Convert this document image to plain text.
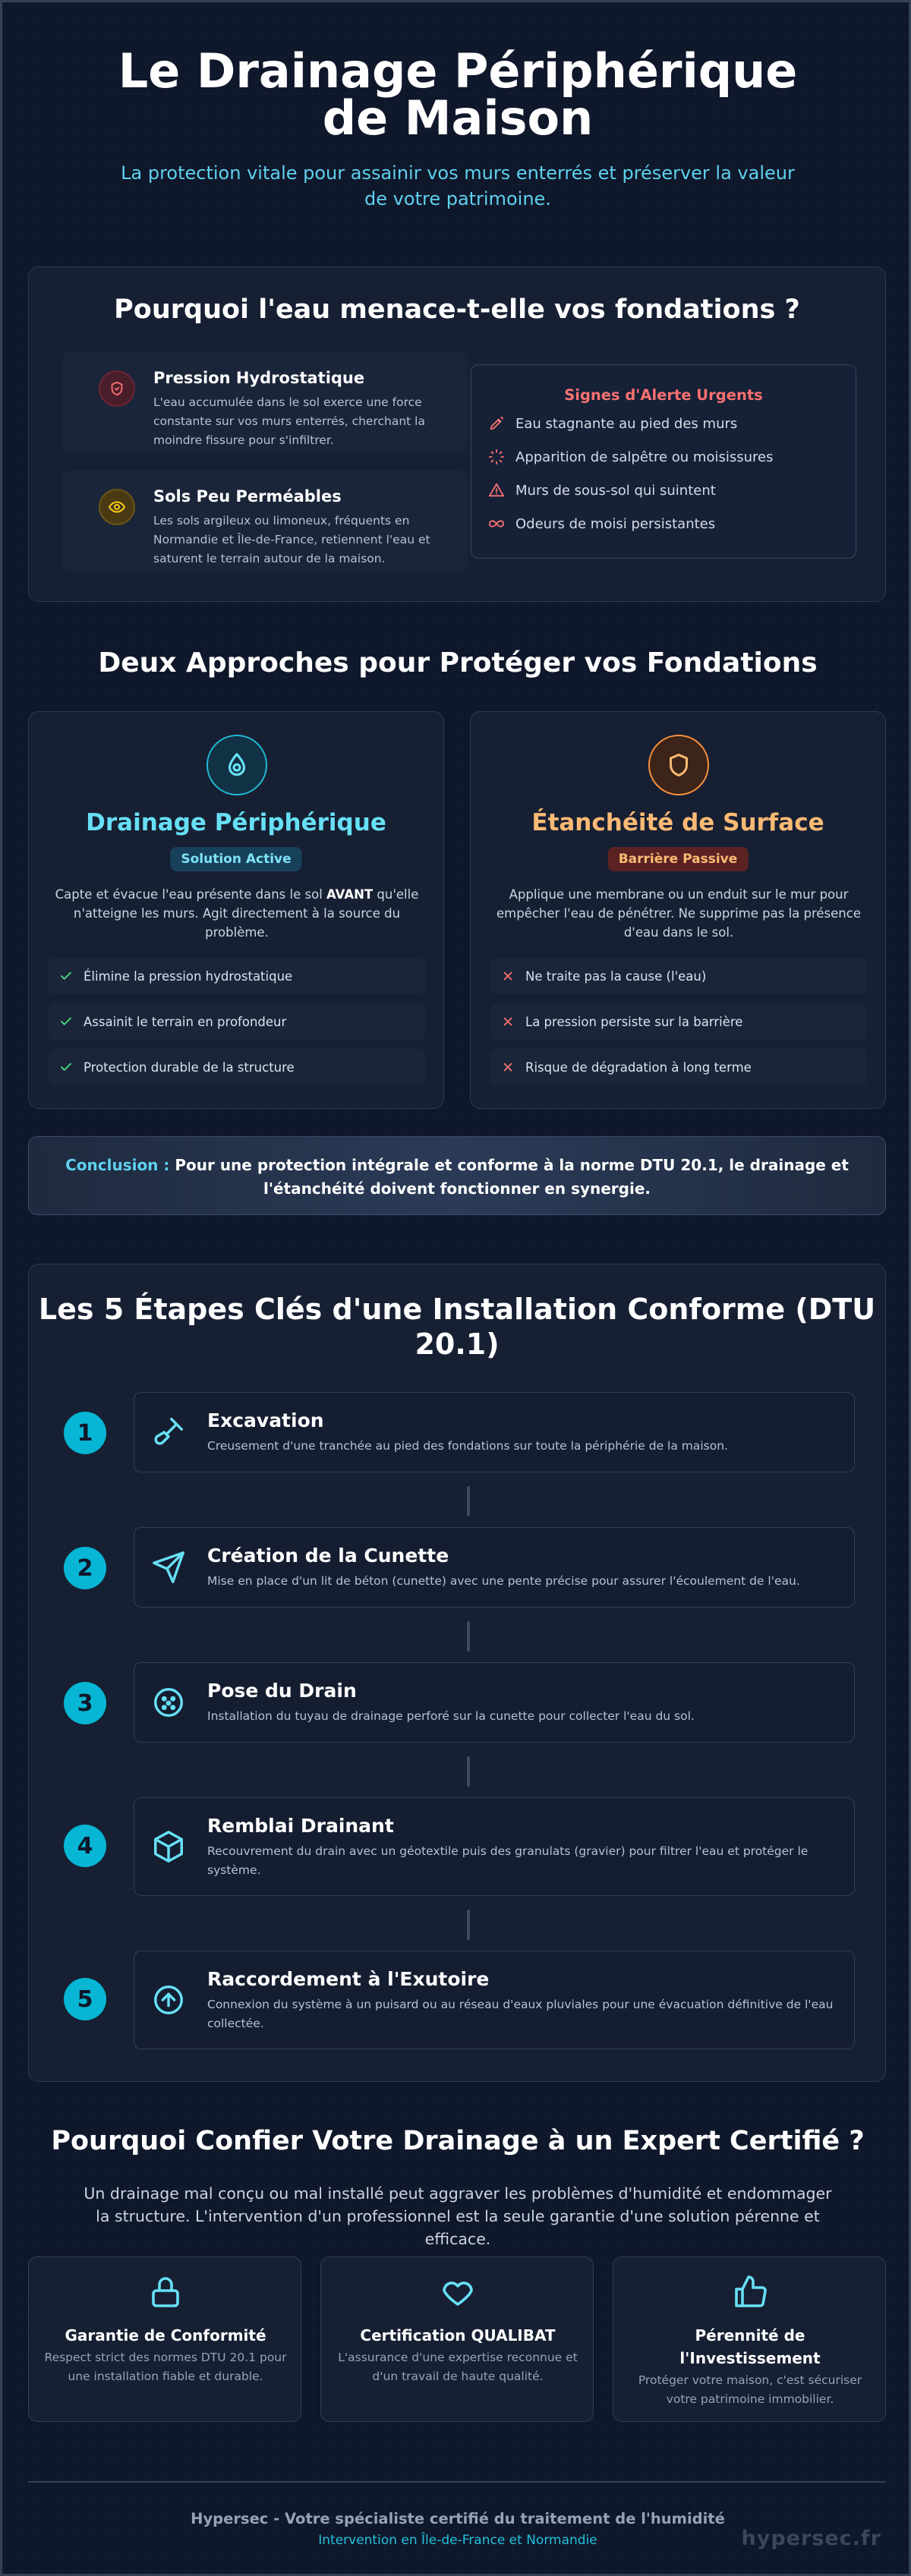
Le Drainage Périphérique de Maison

La protection vitale pour assainir vos murs enterrés et préserver la valeur de votre patrimoine.

Pourquoi l'eau menace-t-elle vos fondations ?
Pression Hydrostatique

L'eau accumulée dans le sol exerce une force constante sur vos murs enterrés, cherchant la moindre fissure pour s'infiltrer.

Sols Peu Perméables

Les sols argileux ou limoneux, fréquents en Normandie et Île-de-France, retiennent l'eau et saturent le terrain autour de la maison.

Signes d'Alerte Urgents
Eau stagnante au pied des murs
Apparition de salpêtre ou moisissures
Murs de sous-sol qui suintent
Odeurs de moisi persistantes
Deux Approches pour Protéger vos Fondations
Drainage Périphérique
Solution Active

Capte et évacue l'eau présente dans le sol AVANT qu'elle n'atteigne les murs. Agit directement à la source du problème.

Élimine la pression hydrostatique
Assainit le terrain en profondeur
Protection durable de la structure
Étanchéité de Surface
Barrière Passive

Applique une membrane ou un enduit sur le mur pour empêcher l'eau de pénétrer. Ne supprime pas la présence d'eau dans le sol.

Ne traite pas la cause (l'eau)
La pression persiste sur la barrière
Risque de dégradation à long terme

Conclusion : Pour une protection intégrale et conforme à la norme DTU 20.1, le drainage et l'étanchéité doivent fonctionner en synergie.

Les 5 Étapes Clés d'une Installation Conforme (DTU 20.1)
1	Excavation

Creusement d'une tranchée au pied des fondations sur toute la périphérie de la maison.

2	Création de la Cunette

Mise en place d'un lit de béton (cunette) avec une pente précise pour assurer l'écoulement de l'eau.

3	Pose du Drain

Installation du tuyau de drainage perforé sur la cunette pour collecter l'eau du sol.

4
Remblai Drainant

Recouvrement du drain avec un géotextile puis des granulats (gravier) pour filtrer l'eau et protéger le système.

5
Raccordement à l'Exutoire

Connexion du système à un puisard ou au réseau d'eaux pluviales pour une évacuation définitive de l'eau collectée.

Pourquoi Confier Votre Drainage à un Expert Certifié ?

Un drainage mal conçu ou mal installé peut aggraver les problèmes d'humidité et endommager la structure. L'intervention d'un professionnel est la seule garantie d'une solution pérenne et efficace.

Garantie de Conformité

Respect strict des normes DTU 20.1 pour une installation fiable et durable.

Certification QUALIBAT

L'assurance d'une expertise reconnue et d'un travail de haute qualité.

Pérennité de l'Investissement

Protéger votre maison, c'est sécuriser votre patrimoine immobilier.

Hypersec - Votre spécialiste certifié du traitement de l'humidité
Intervention en Île-de-France et Normandie	hypersec.fr
